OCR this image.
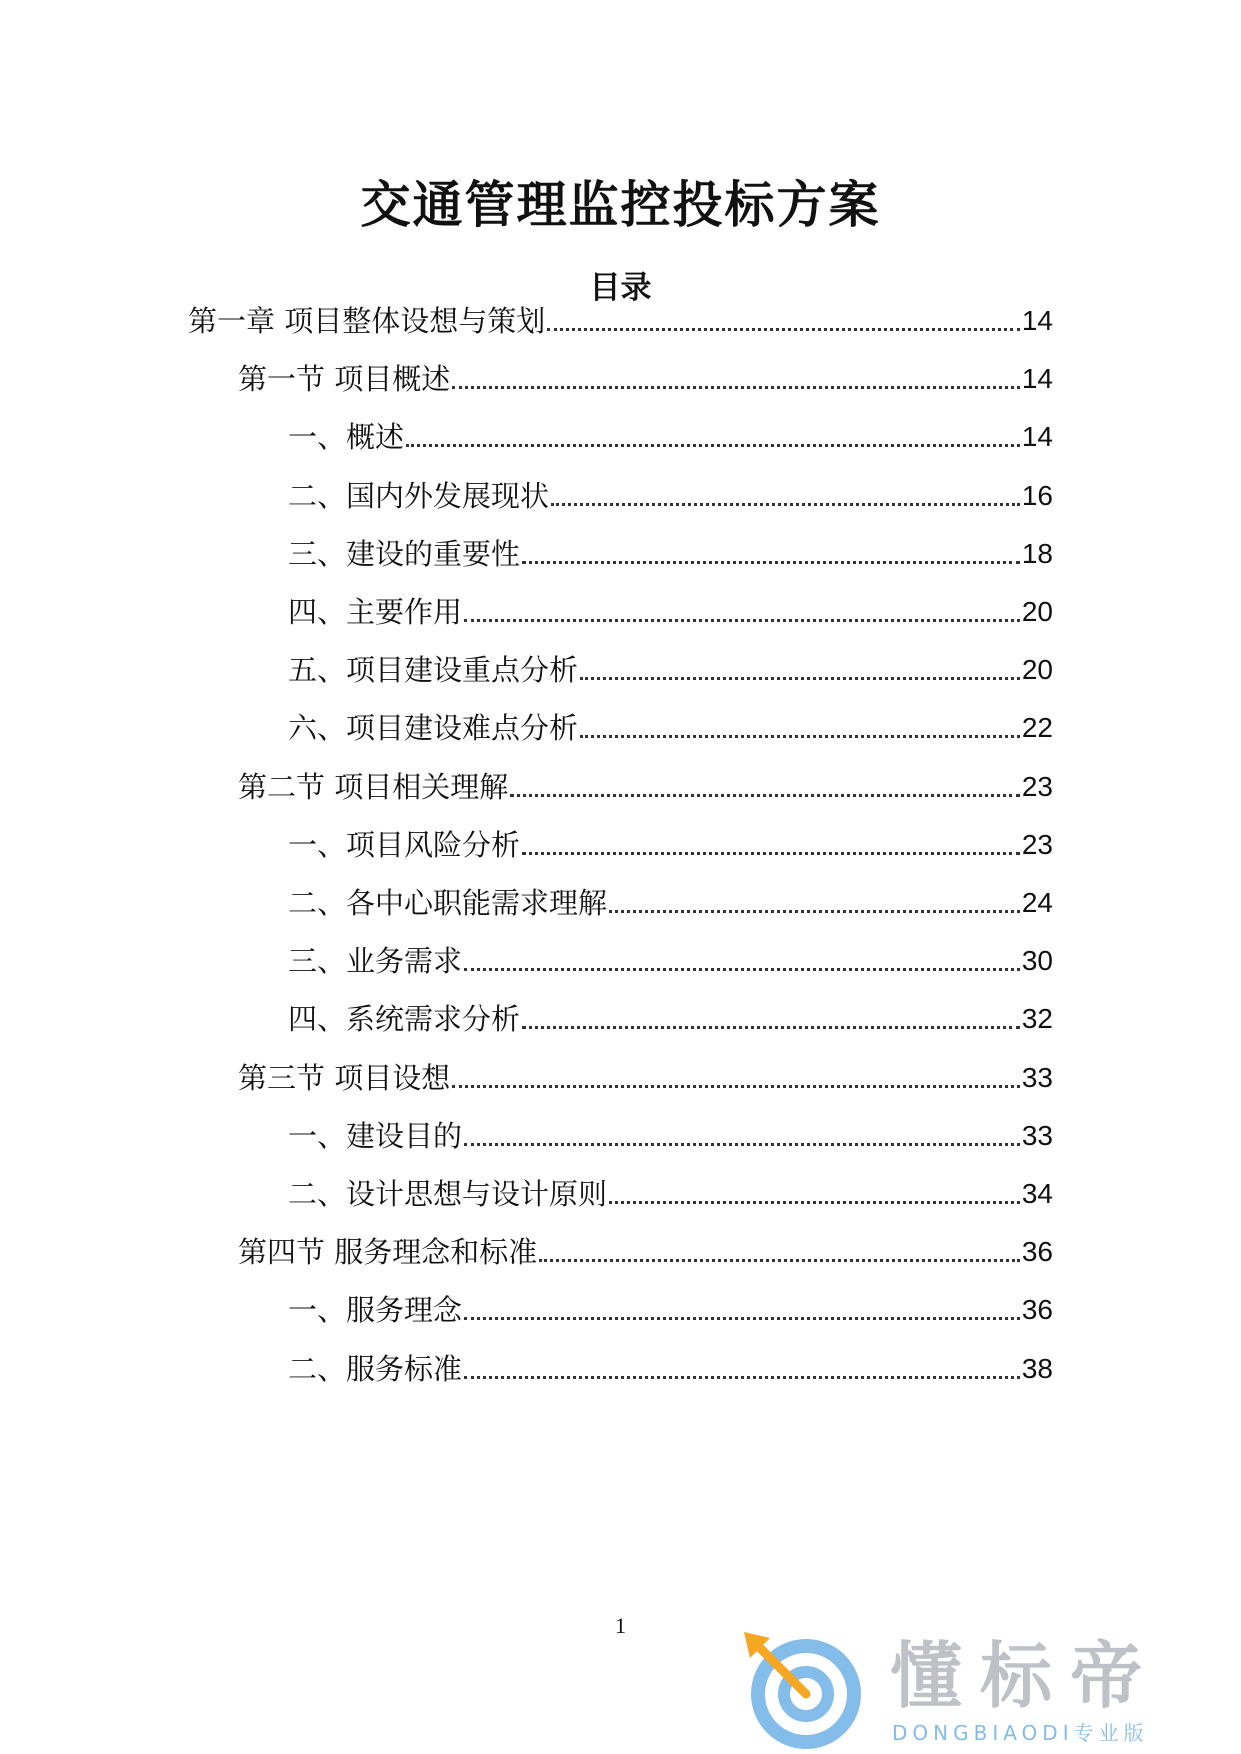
交通管理监控投标方案
目录
第一章 项目整体设想与策划	14
第一节 项目概述	14
一、概述	14
二、国内外发展现状	16
三、建设的重要性	18
四、主要作用	20
五、项目建设重点分析	20
六、项目建设难点分析	22
第二节 项目相关理解	23
一、项目风险分析	23
二、各中心职能需求理解	24
三、业务需求	30
四、系统需求分析	32
第三节 项目设想	33
一、建设目的	33
二、设计思想与设计原则	34
第四节 服务理念和标准	36
一、服务理念	36
二、服务标准	38
1
懂标帝
DONGBIAODI专业版
